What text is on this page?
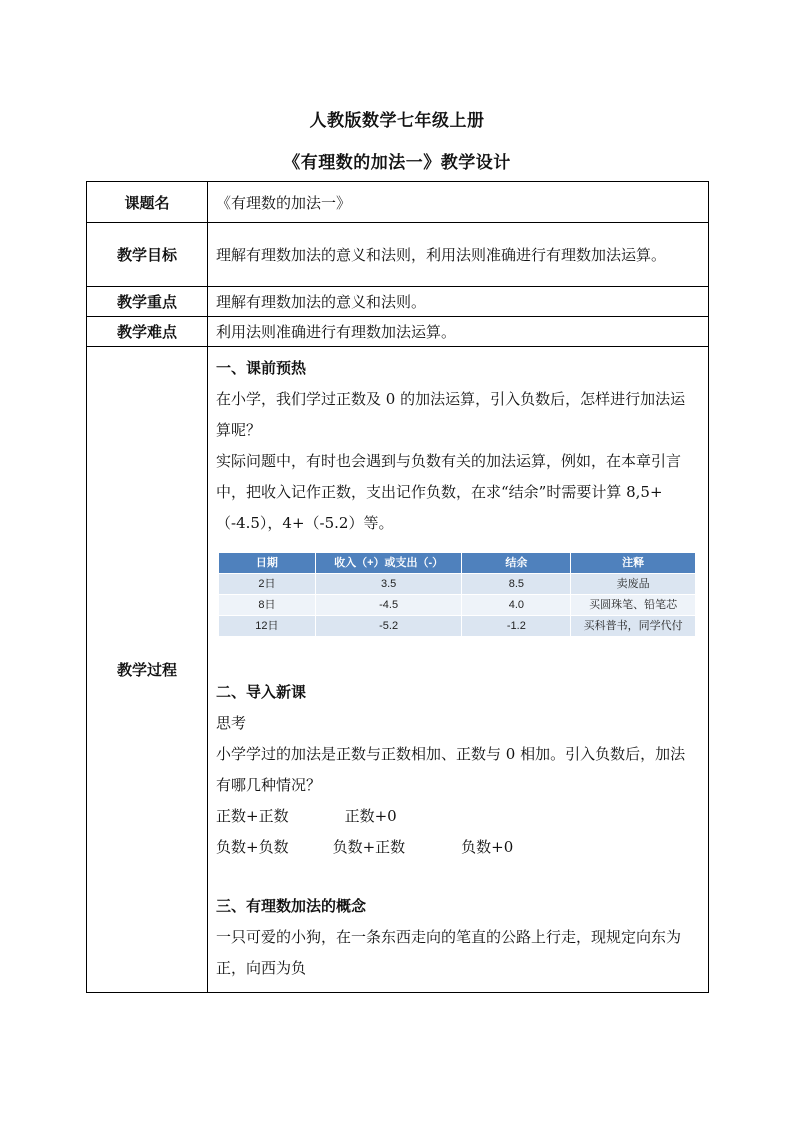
人教版数学七年级上册
《有理数的加法一》教学设计
课题名	《有理数的加法一》
教学目标	理解有理数加法的意义和法则，利用法则准确进行有理数加法运算。
教学重点	理解有理数加法的意义和法则。
教学难点	利用法则准确进行有理数加法运算。
教学过程	

一、课前预热

在小学，我们学过正数及 0 的加法运算，引入负数后，怎样进行加法运算呢？

实际问题中，有时也会遇到与负数有关的加法运算，例如，在本章引言中，把收入记作正数，支出记作负数，在求“结余”时需要计算 8,5+（-4.5），4+（-5.2）等。

日期	收入（+）或支出（-）	结余	注释
2日	3.5	8.5	卖废品
8日	-4.5	4.0	买圆珠笔、铅笔芯
12日	-5.2	-1.2	买科普书，同学代付

二、导入新课

思考

小学学过的加法是正数与正数相加、正数与 0 相加。引入负数后，加法有哪几种情况？

正数+正数	正数+0

负数+负数	负数+正数	负数+0

三、有理数加法的概念

一只可爱的小狗，在一条东西走向的笔直的公路上行走，现规定向东为正，向西为负
